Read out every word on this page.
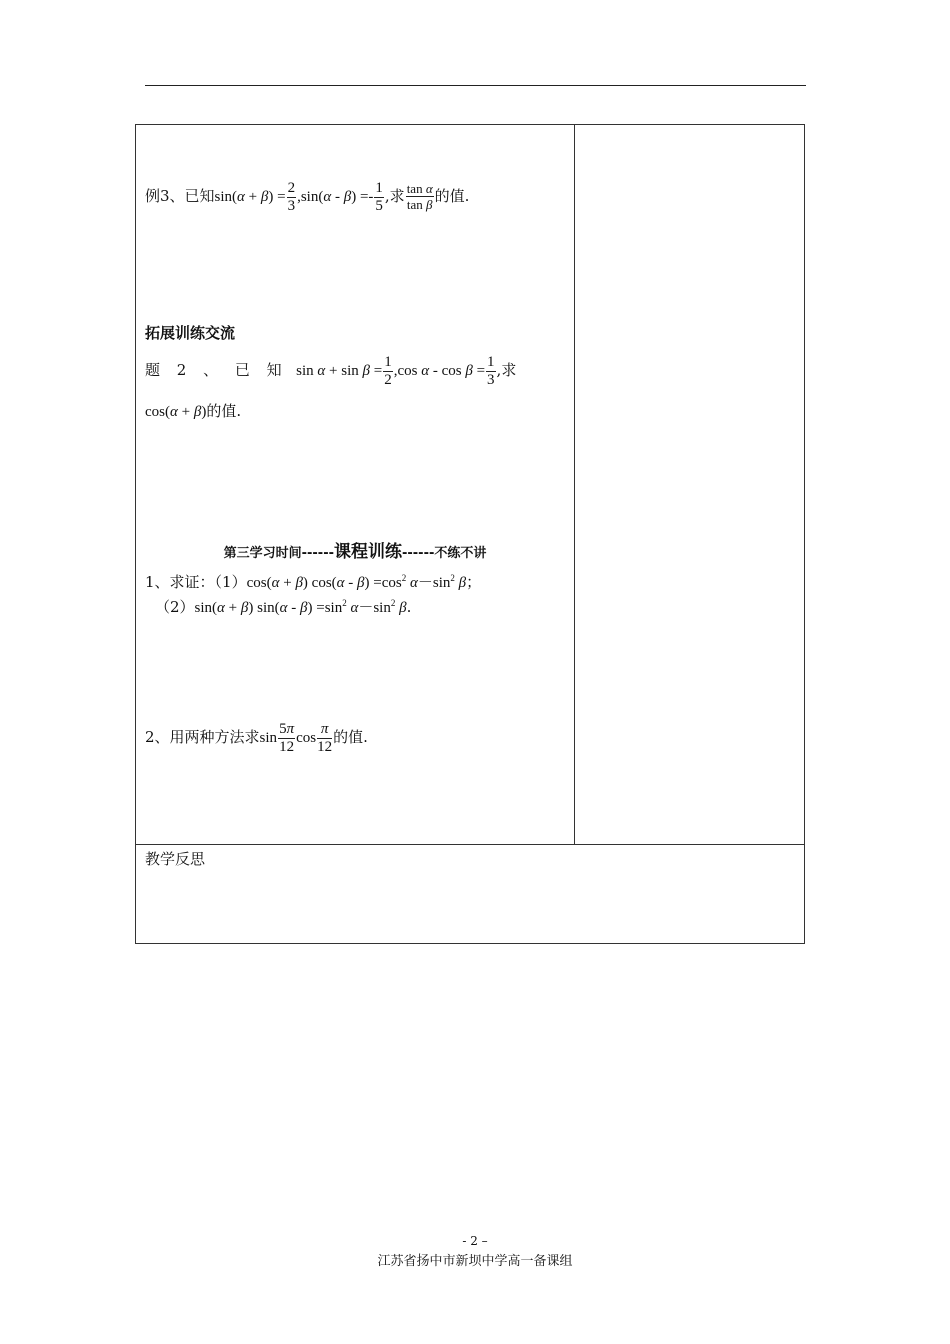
例3、已知$\sin(\alpha + \beta) = \frac{2}{3} ,\sin(\alpha - \beta) =- \frac{1}{5}$ ,求 $\frac{\text{tan α}}{\text{tan β}}$ 的值.
拓展训练交流
题 2 、 已 知  $\sin \alpha + \sin \beta = \frac{1}{2} ,\cos$ $\alpha - \cos \beta = \frac{1}{3}$ ,求
cos(α + β)的值.
第三学习时间------课程训练------不练不讲
1、求证：（1）cos(α + β) $\cos(\alpha - \beta) =\cos^2$ $\alpha-\sin^2$ β；
（2）sin(α + β) $\sin(\alpha - \beta) =\sin^2$ $\alpha-\sin^2$ β.
2、用两种方法求$\sin \frac{5\pi}{12}$ $\cos \frac{\pi}{12}$ 的值.
教学反思
- 2 –
江苏省扬中市新坝中学高一备课组
